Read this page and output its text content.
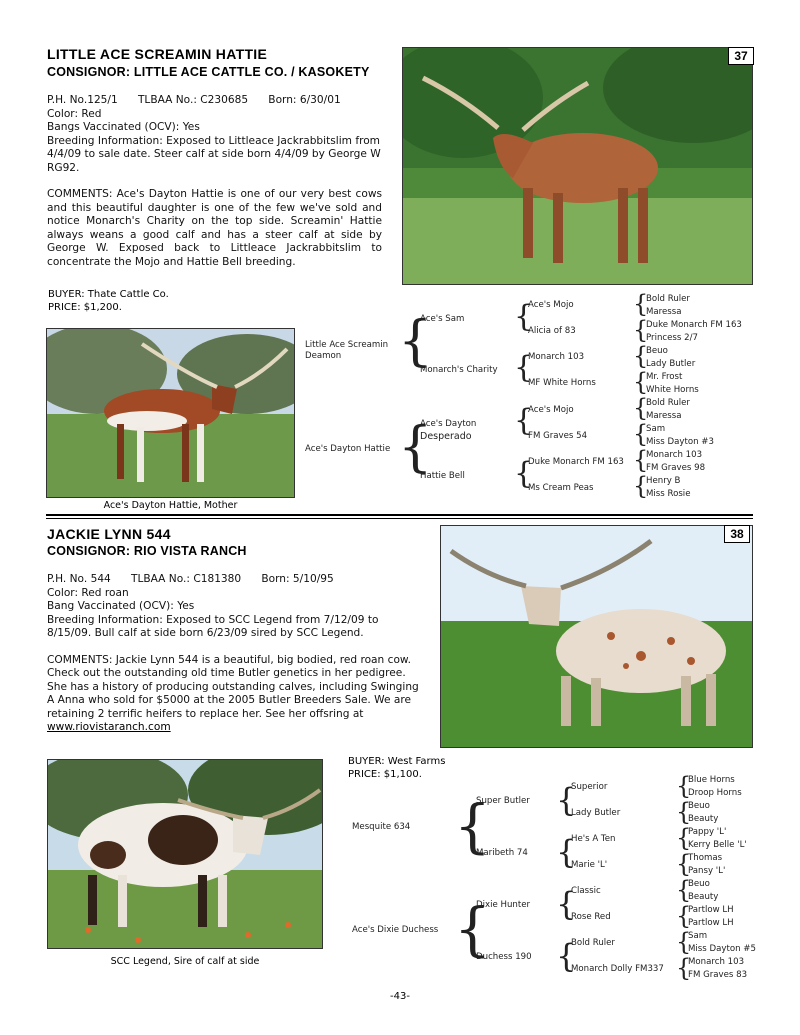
LITTLE ACE SCREAMIN HATTIE
CONSIGNOR: LITTLE ACE CATTLE CO. / KASOKETY

P.H. No.125/1      TLBAA No.: C230685      Born: 6/30/01

Color: Red

Bangs Vaccinated (OCV): Yes

Breeding Information: Exposed to Littleace Jackrabbitslim from 4/4/09 to sale date. Steer calf at side born 4/4/09 by George W RG92.

COMMENTS: Ace's Dayton Hattie is one of our very best cows and this beautiful daughter is one of the few we've sold and notice Monarch's Charity on the top side. Screamin' Hattie always weans a good calf and has a steer calf at side by George W. Exposed back to Littleace Jackrabbitslim to concentrate the Mojo and Hattie Bell breeding.

BUYER: Thate Cattle Co.
PRICE: $1,200.
37
Ace's Dayton Hattie, Mother
Little Ace Screamin
Deamon
Ace's Dayton Hattie
{
{
Ace's Sam
Monarch's Charity
Ace's Dayton
Desperado
Hattie Bell
{
{
{
{
Ace's Mojo
Alicia of 83
Monarch 103
MF White Horns
Ace's Mojo
FM Graves 54
Duke Monarch FM 163
Ms Cream Peas
{
{
{
{
{
{
{
{
Bold Ruler
Maressa
Duke Monarch FM 163
Princess 2/7
Beuo
Lady Butler
Mr. Frost
White Horns
Bold Ruler
Maressa
Sam
Miss Dayton #3
Monarch 103
FM Graves 98
Henry B
Miss Rosie
JACKIE LYNN 544
CONSIGNOR: RIO VISTA RANCH

P.H. No. 544      TLBAA No.: C181380      Born: 5/10/95

Color: Red roan

Bang Vaccinated (OCV): Yes

Breeding Information: Exposed to SCC Legend from 7/12/09 to 8/15/09. Bull calf at side born 6/23/09 sired by SCC Legend.

COMMENTS: Jackie Lynn 544 is a beautiful, big bodied, red roan cow. Check out the outstanding old time Butler genetics in her pedigree. She has a history of producing outstanding calves, including Swinging A Anna who sold for $5000 at the 2005 Butler Breeders Sale. We are retaining 2 terrific heifers to replace her. See her offsring at

www.riovistaranch.com

38
SCC Legend, Sire of calf at side
BUYER: West Farms
PRICE: $1,100.
Mesquite 634
Ace's Dixie Duchess
{
{
Super Butler
Maribeth 74
Dixie Hunter
Duchess 190
{
{
{
{
Superior
Lady Butler
He's A Ten
Marie 'L'
Classic
Rose Red
Bold Ruler
Monarch Dolly FM337
{
{
{
{
{
{
{
{
Blue Horns
Droop Horns
Beuo
Beauty
Pappy 'L'
Kerry Belle 'L'
Thomas
Pansy 'L'
Beuo
Beauty
Partlow LH
Partlow LH
Sam
Miss Dayton #5
Monarch 103
FM Graves 83
-43-
